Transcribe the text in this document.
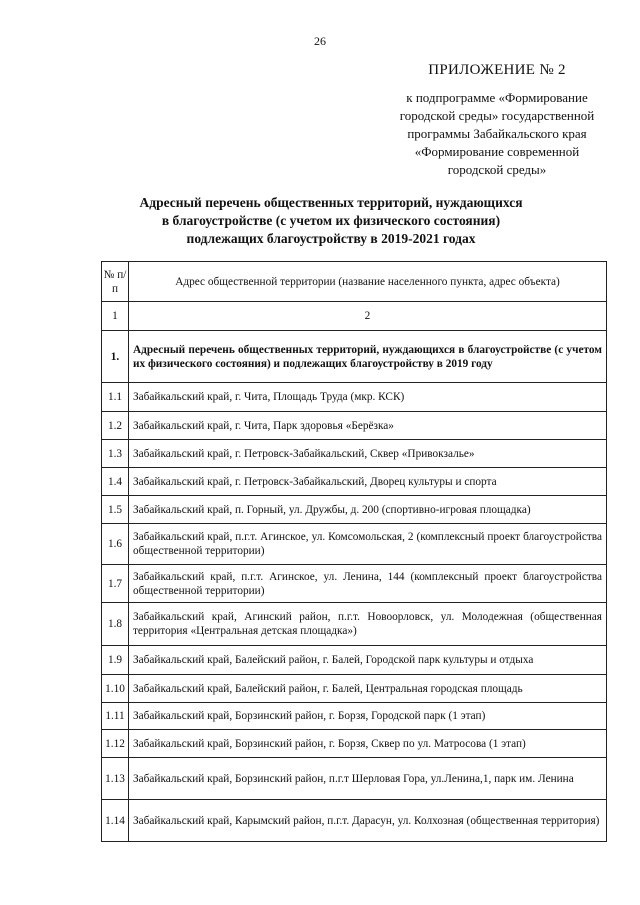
26
ПРИЛОЖЕНИЕ № 2
к подпрограмме «Формирование
городской среды» государственной
программы Забайкальского края
«Формирование современной
городской среды»
Адресный перечень общественных территорий, нуждающихся
в благоустройстве (с учетом их физического состояния)
подлежащих благоустройству в 2019-2021 годах
№ п/п	Адрес общественной территории (название населенного пункта, адрес объекта)
1	2
1.	Адресный перечень общественных территорий, нуждающихся в благоустройстве (с учетом их физического состояния) и подлежащих благоустройству в 2019 году
1.1	Забайкальский край, г. Чита, Площадь Труда (мкр. КСК)
1.2	Забайкальский край, г. Чита, Парк здоровья «Берёзка»
1.3	Забайкальский край, г. Петровск-Забайкальский, Сквер «Привокзалье»
1.4	Забайкальский край, г. Петровск-Забайкальский, Дворец культуры и спорта
1.5	Забайкальский край, п. Горный, ул. Дружбы, д. 200 (спортивно-игровая площадка)
1.6	Забайкальский край, п.г.т. Агинское, ул. Комсомольская, 2 (комплексный проект благоустройства общественной территории)
1.7	Забайкальский край, п.г.т. Агинское, ул. Ленина, 144 (комплексный проект благоустройства общественной территории)
1.8	Забайкальский край, Агинский район, п.г.т. Новоорловск, ул. Молодежная (общественная территория «Центральная детская площадка»)
1.9	Забайкальский край, Балейский район, г. Балей, Городской парк культуры и отдыха
1.10	Забайкальский край, Балейский район, г. Балей, Центральная городская площадь
1.11	Забайкальский край, Борзинский район, г. Борзя, Городской парк (1 этап)
1.12	Забайкальский край, Борзинский район, г. Борзя, Сквер по ул. Матросова (1 этап)
1.13	Забайкальский край, Борзинский район, п.г.т Шерловая Гора, ул.Ленина,1, парк им. Ленина
1.14	Забайкальский край, Карымский район, п.г.т. Дарасун, ул. Колхозная (общественная территория)
